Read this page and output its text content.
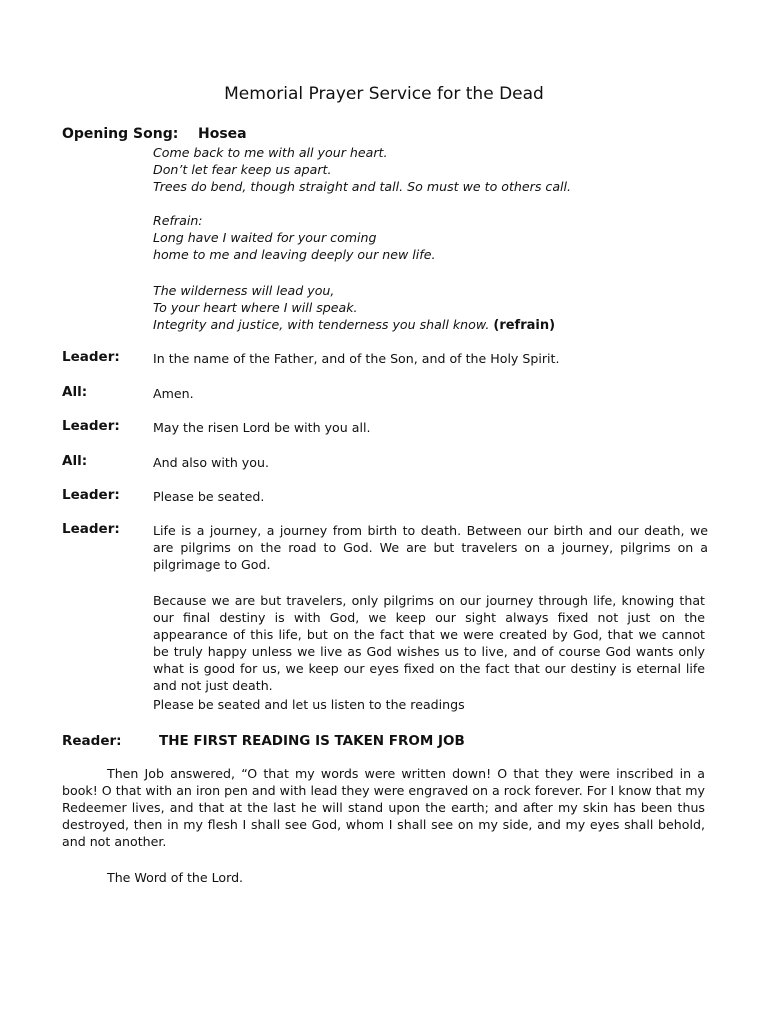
Memorial Prayer Service for the Dead
Opening Song: Hosea
Come back to me with all your heart.
Don’t let fear keep us apart.
Trees do bend, though straight and tall. So must we to others call.
Refrain:
Long have I waited for your coming
home to me and leaving deeply our new life.
The wilderness will lead you,
To your heart where I will speak.
Integrity and justice, with tenderness you shall know. (refrain)
Leader:	In the name of the Father, and of the Son, and of the Holy Spirit.
All:	Amen.
Leader:	May the risen Lord be with you all.
All:	And also with you.
Leader:	Please be seated.
Leader:	Life is a journey, a journey from birth to death. Between our birth and our death, we are pilgrims on the road to God. We are but travelers on a journey, pilgrims on a pilgrimage to God.
Because we are but travelers, only pilgrims on our journey through life, knowing that our final destiny is with God, we keep our sight always fixed not just on the appearance of this life, but on the fact that we were created by God, that we cannot be truly happy unless we live as God wishes us to live, and of course God wants only what is good for us, we keep our eyes fixed on the fact that our destiny is eternal life and not just death.
Please be seated and let us listen to the readings
Reader:	THE FIRST READING IS TAKEN FROM JOB
Then Job answered, “O that my words were written down! O that they were inscribed in a book! O that with an iron pen and with lead they were engraved on a rock forever. For I know that my Redeemer lives, and that at the last he will stand upon the earth; and after my skin has been thus destroyed, then in my flesh I shall see God, whom I shall see on my side, and my eyes shall behold, and not another.
The Word of the Lord.
